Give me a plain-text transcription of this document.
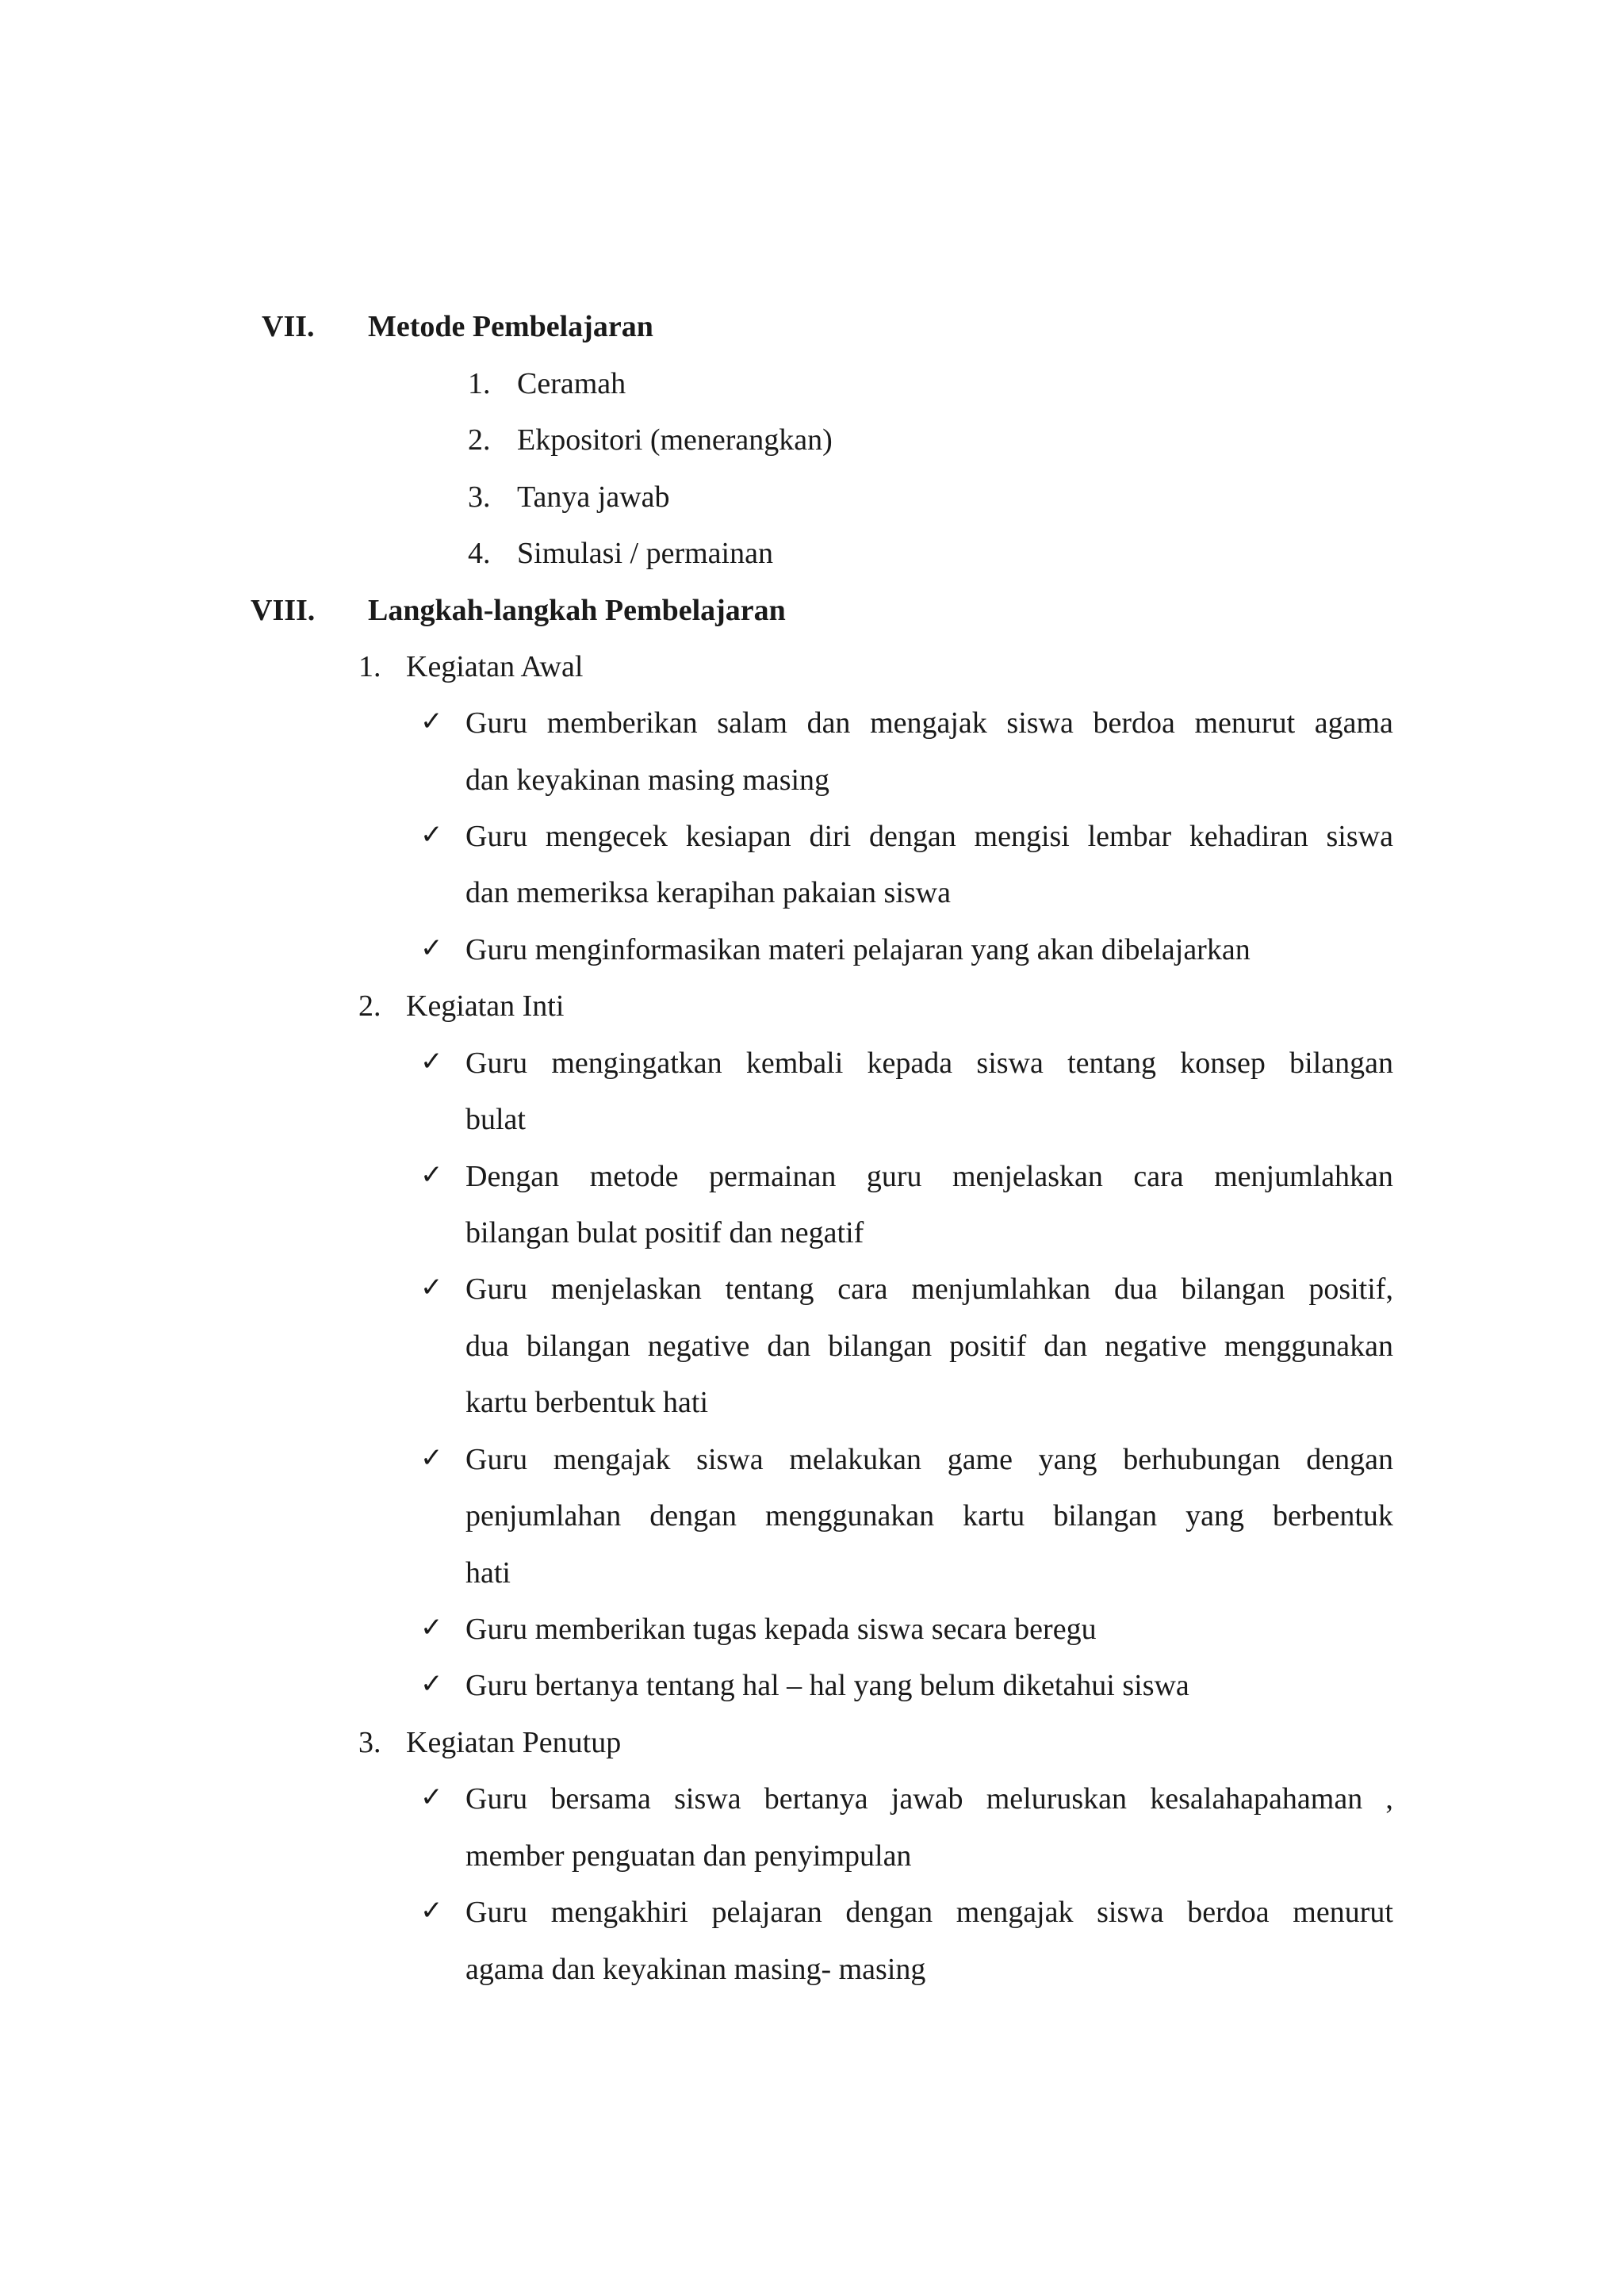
VII. Metode Pembelajaran
1. Ceramah
2. Ekpositori (menerangkan)
3. Tanya jawab
4. Simulasi / permainan
VIII. Langkah-langkah Pembelajaran
1. Kegiatan Awal
✓ Guru memberikan salam dan mengajak siswa berdoa menurut agama
dan keyakinan masing masing
✓ Guru mengecek kesiapan diri dengan mengisi lembar kehadiran siswa
dan memeriksa kerapihan pakaian siswa
✓ Guru menginformasikan materi pelajaran yang akan dibelajarkan
2. Kegiatan Inti
✓ Guru mengingatkan kembali kepada siswa tentang konsep bilangan
bulat
✓ Dengan metode permainan guru menjelaskan cara menjumlahkan
bilangan bulat positif dan negatif
✓ Guru menjelaskan tentang cara menjumlahkan dua bilangan positif,
dua bilangan negative dan bilangan positif dan negative menggunakan
kartu berbentuk hati
✓ Guru mengajak siswa melakukan game yang berhubungan dengan
penjumlahan dengan menggunakan kartu bilangan yang berbentuk
hati
✓ Guru memberikan tugas kepada siswa secara beregu
✓ Guru bertanya tentang hal – hal yang belum diketahui siswa
3. Kegiatan Penutup
✓ Guru bersama siswa bertanya jawab meluruskan kesalahapahaman ,
member penguatan dan penyimpulan
✓ Guru mengakhiri pelajaran dengan mengajak siswa berdoa menurut
agama dan keyakinan masing- masing
